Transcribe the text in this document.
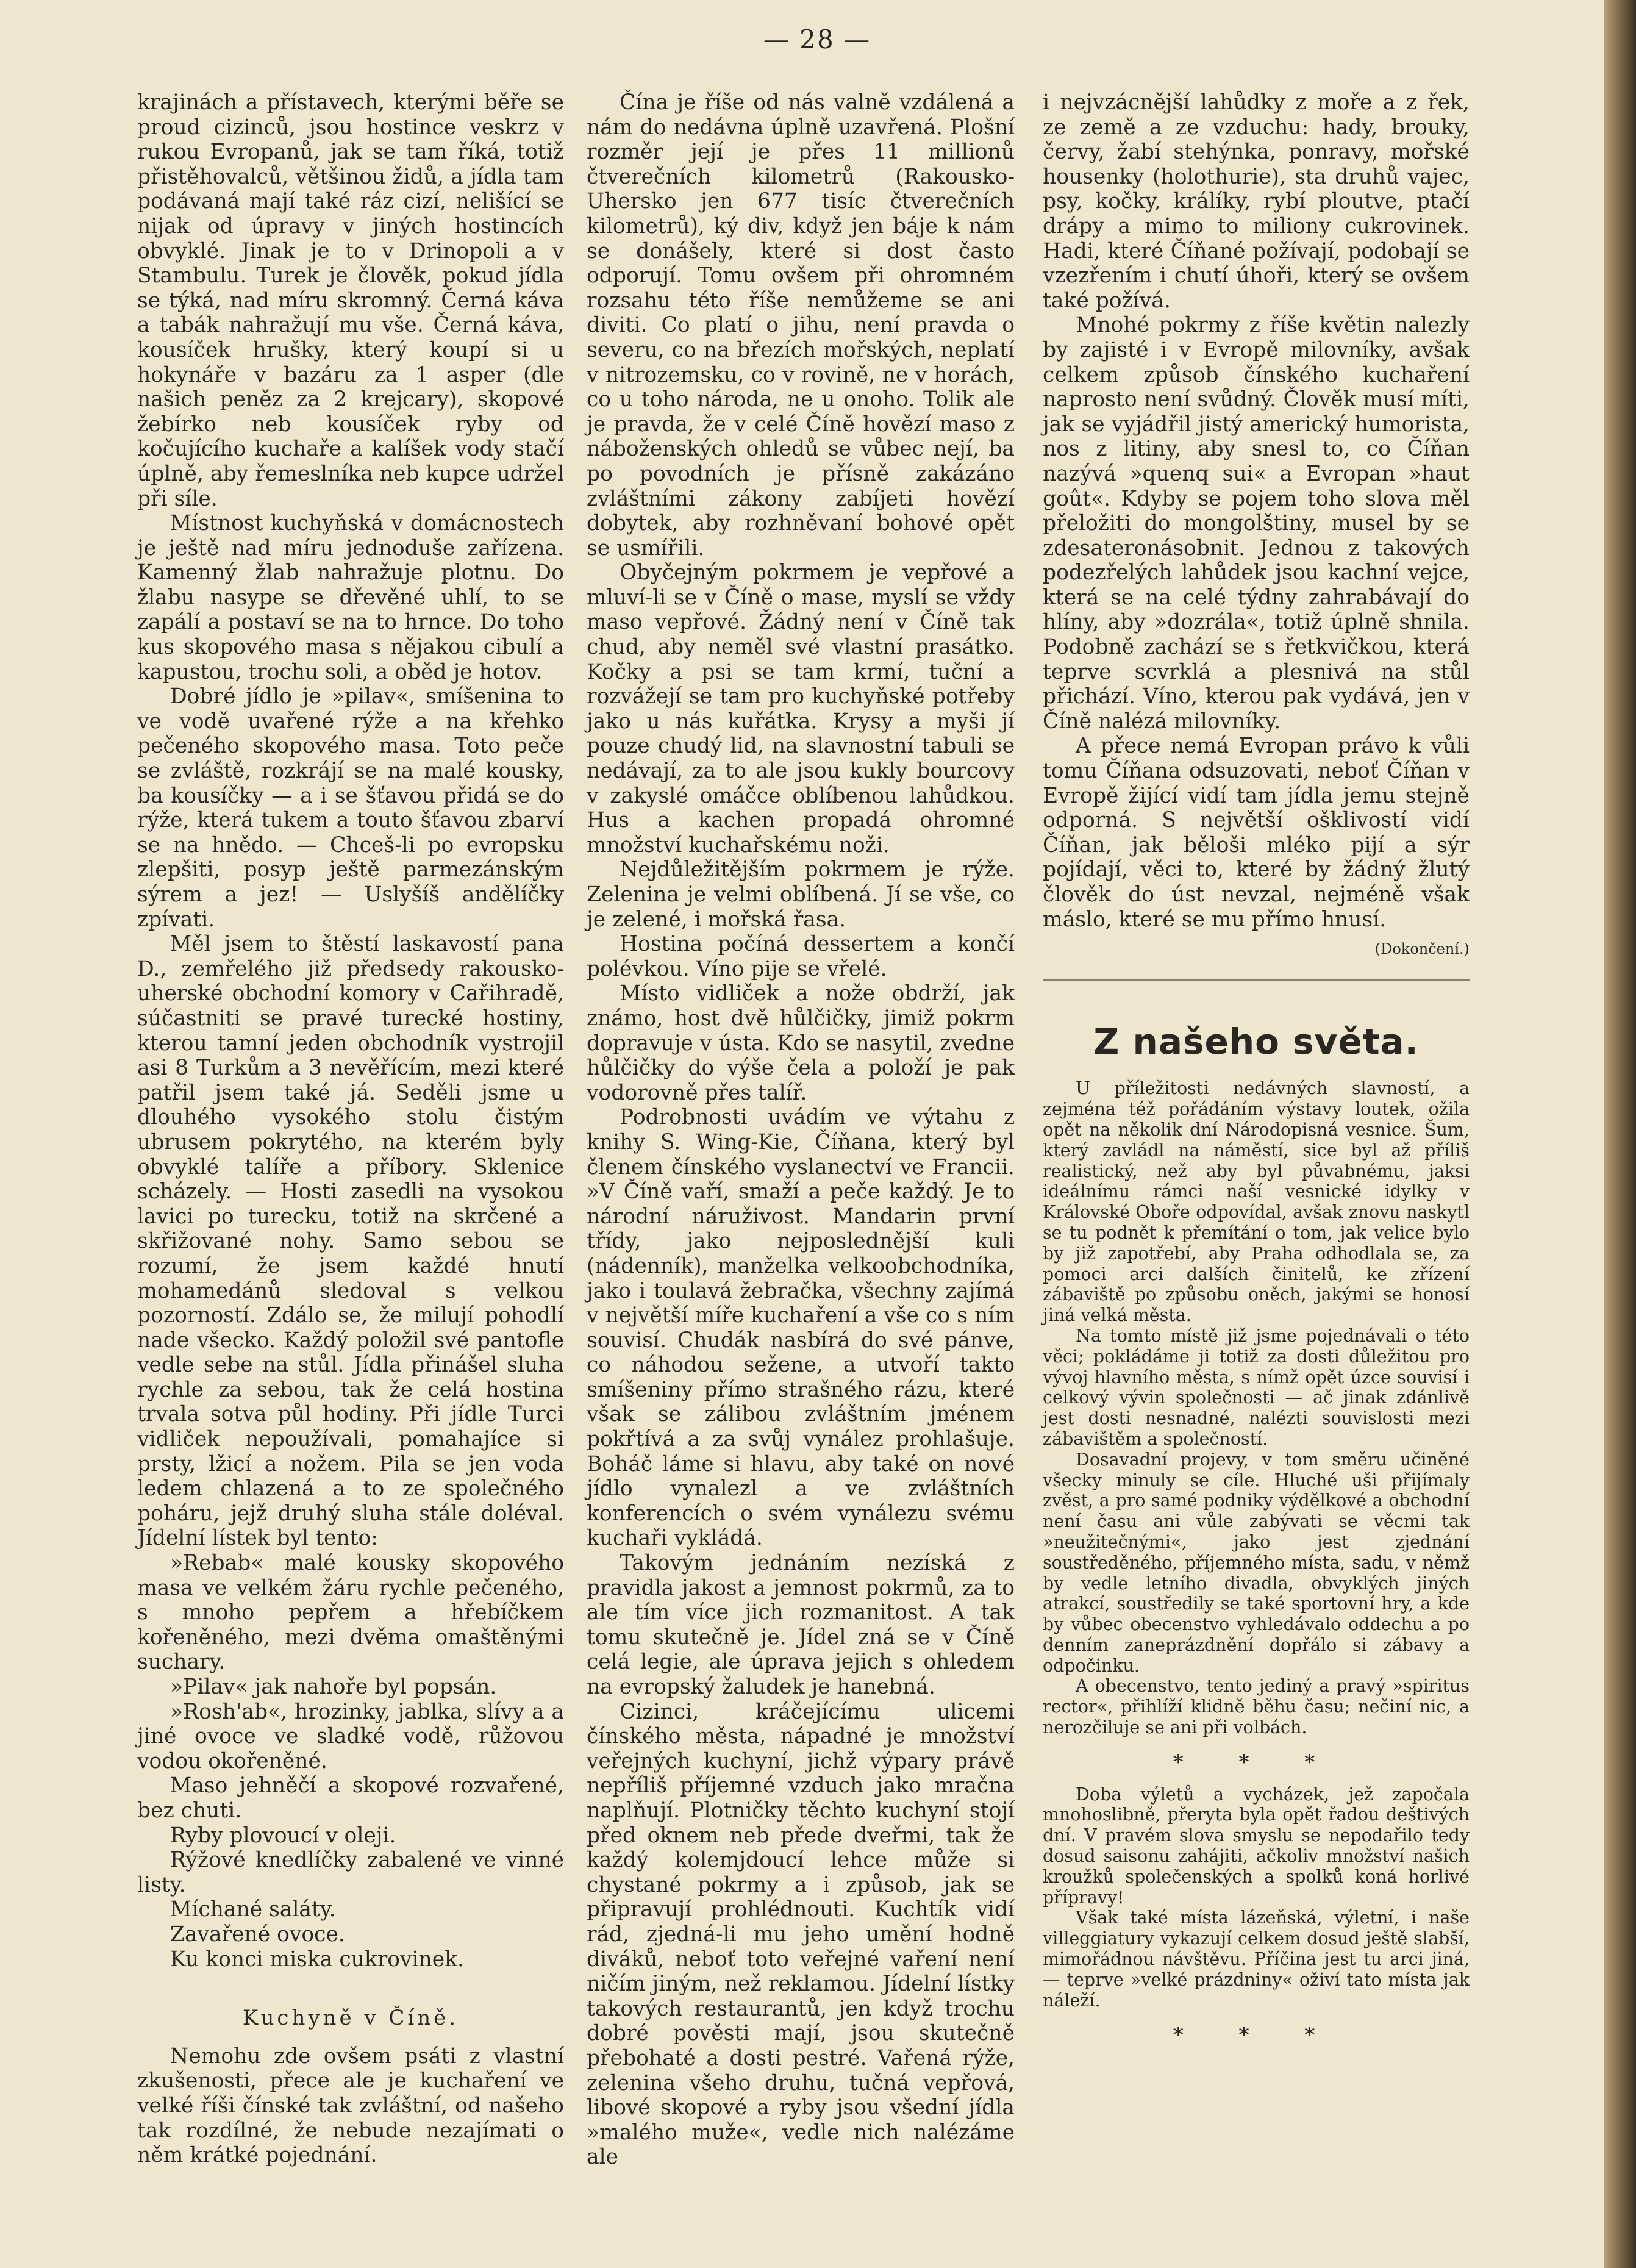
— 28 —

krajinách a přístavech, kterými běře se proud cizinců, jsou hostince veskrz v rukou Evropanů, jak se tam říká, totiž přistěhovalců, většinou židů, a jídla tam podávaná mají také ráz cizí, nelišící se nijak od úpravy v jiných hostincích obvyklé. Jinak je to v Drinopoli a v Stambulu. Turek je člověk, pokud jídla se týká, nad míru skromný. Černá káva a tabák nahražují mu vše. Černá káva, kousíček hrušky, který koupí si u hokynáře v bazáru za 1 asper (dle našich peněz za 2 krejcary), skopové žebírko neb kousíček ryby od kočujícího kuchaře a kalíšek vody stačí úplně, aby řemeslníka neb kupce udržel při síle.

Místnost kuchyňská v domácnostech je ještě nad míru jednoduše zařízena. Kamenný žlab nahražuje plotnu. Do žlabu nasype se dřevěné uhlí, to se zapálí a postaví se na to hrnce. Do toho kus skopového masa s nějakou cibulí a kapustou, trochu soli, a oběd je hotov.

Dobré jídlo je »pilav«, smíšenina to ve vodě uvařené rýže a na křehko pečeného skopového masa. Toto peče se zvláště, rozkrájí se na malé kousky, ba kousíčky — a i se šťavou přidá se do rýže, která tukem a touto šťavou zbarví se na hnědo. — Chceš-li po evropsku zlepšiti, posyp ještě parmezánským sýrem a jez! — Uslyšíš andělíčky zpívati.

Měl jsem to štěstí laskavostí pana D., zemřelého již předsedy rakousko-uherské obchodní komory v Cařihradě, súčastniti se pravé turecké hostiny, kterou tamní jeden obchodník vystrojil asi 8 Turkům a 3 nevěřícím, mezi které patřil jsem také já. Seděli jsme u dlouhého vysokého stolu čistým ubrusem pokrytého, na kterém byly obvyklé talíře a příbory. Sklenice scházely. — Hosti zasedli na vysokou lavici po turecku, totiž na skrčené a skřižované nohy. Samo sebou se rozumí, že jsem každé hnutí mohamedánů sledoval s velkou pozorností. Zdálo se, že milují pohodlí nade všecko. Každý položil své pantofle vedle sebe na stůl. Jídla přinášel sluha rychle za sebou, tak že celá hostina trvala sotva půl hodiny. Při jídle Turci vidliček nepoužívali, pomahajíce si prsty, lžicí a nožem. Pila se jen voda ledem chlazená a to ze společného poháru, jejž druhý sluha stále doléval. Jídelní lístek byl tento:

»Rebab« malé kousky skopového masa ve velkém žáru rychle pečeného, s mnoho pepřem a hřebíčkem kořeněného, mezi dvěma omaštěnými suchary.

»Pilav« jak nahoře byl popsán.

»Rosh'ab«, hrozinky, jablka, slívy a a jiné ovoce ve sladké vodě, růžovou vodou okořeněné.

Maso jehněčí a skopové rozvařené, bez chuti.

Ryby plovoucí v oleji.

Rýžové knedlíčky zabalené ve vinné listy.

Míchané saláty.

Zavařené ovoce.

Ku konci miska cukrovinek.

Kuchyně v Číně.

Nemohu zde ovšem psáti z vlastní zkušenosti, přece ale je kuchaření ve velké říši čínské tak zvláštní, od našeho tak rozdílné, že nebude nezajímati o něm krátké pojednání.

Čína je říše od nás valně vzdálená a nám do nedávna úplně uzavřená. Plošní rozměr její je přes 11 millionů čtverečních kilometrů (Rakousko-Uhersko jen 677 tisíc čtverečních kilometrů), ký div, když jen báje k nám se donášely, které si dost často odporují. Tomu ovšem při ohromném rozsahu této říše nemůžeme se ani diviti. Co platí o jihu, není pravda o severu, co na březích mořských, neplatí v nitrozemsku, co v rovině, ne v horách, co u toho národa, ne u onoho. Tolik ale je pravda, že v celé Číně hovězí maso z náboženských ohledů se vůbec nejí, ba po povodních je přísně zakázáno zvláštními zákony zabíjeti hovězí dobytek, aby rozhněvaní bohové opět se usmířili.

Obyčejným pokrmem je vepřové a mluví-li se v Číně o mase, myslí se vždy maso vepřové. Žádný není v Číně tak chud, aby neměl své vlastní prasátko. Kočky a psi se tam krmí, tuční a rozvážejí se tam pro kuchyňské potřeby jako u nás kuřátka. Krysy a myši jí pouze chudý lid, na slavnostní tabuli se nedávají, za to ale jsou kukly bourcovy v zakyslé omáčce oblíbenou lahůdkou. Hus a kachen propadá ohromné množství kuchařskému noži.

Nejdůležitějším pokrmem je rýže. Zelenina je velmi oblíbená. Jí se vše, co je zelené, i mořská řasa.

Hostina počíná dessertem a končí polévkou. Víno pije se vřelé.

Místo vidliček a nože obdrží, jak známo, host dvě hůlčičky, jimiž pokrm dopravuje v ústa. Kdo se nasytil, zvedne hůlčičky do výše čela a položí je pak vodorovně přes talíř.

Podrobnosti uvádím ve výtahu z knihy S. Wing-Kie, Číňana, který byl členem čínského vyslanectví ve Francii. »V Číně vaří, smaží a peče každý. Je to národní náruživost. Mandarin první třídy, jako nejposlednější kuli (nádenník), manželka velkoobchodníka, jako i toulavá žebračka, všechny zajímá v největší míře kuchaření a vše co s ním souvisí. Chudák nasbírá do své pánve, co náhodou sežene, a utvoří takto smíšeniny přímo strašného rázu, které však se zálibou zvláštním jménem pokřtívá a za svůj vynález prohlašuje. Boháč láme si hlavu, aby také on nové jídlo vynalezl a ve zvláštních konferencích o svém vynálezu svému kuchaři vykládá.

Takovým jednáním nezíská z pravidla jakost a jemnost pokrmů, za to ale tím více jich rozmanitost. A tak tomu skutečně je. Jídel zná se v Číně celá legie, ale úprava jejich s ohledem na evropský žaludek je hanebná.

Cizinci, kráčejícímu ulicemi čínského města, nápadné je množství veřejných kuchyní, jichž výpary právě nepříliš příjemné vzduch jako mračna naplňují. Plotničky těchto kuchyní stojí před oknem neb přede dveřmi, tak že každý kolemjdoucí lehce může si chystané pokrmy a i způsob, jak se připravují prohlédnouti. Kuchtík vidí rád, zjedná-li mu jeho umění hodně diváků, neboť toto veřejné vaření není ničím jiným, než reklamou. Jídelní lístky takových restaurantů, jen když trochu dobré pověsti mají, jsou skutečně přebohaté a dosti pestré. Vařená rýže, zelenina všeho druhu, tučná vepřová, libové skopové a ryby jsou všední jídla »malého muže«, vedle nich nalézáme ale

i nejvzácnější lahůdky z moře a z řek, ze země a ze vzduchu: hady, brouky, červy, žabí stehýnka, ponravy, mořské housenky (holothurie), sta druhů vajec, psy, kočky, králíky, rybí ploutve, ptačí drápy a mimo to miliony cukrovinek. Hadi, které Číňané požívají, podobají se vzezřením i chutí úhoři, který se ovšem také požívá.

Mnohé pokrmy z říše květin nalezly by zajisté i v Evropě milovníky, avšak celkem způsob čínského kuchaření naprosto není svůdný. Člověk musí míti, jak se vyjádřil jistý americký humorista, nos z litiny, aby snesl to, co Číňan nazývá »quenq sui« a Evropan »haut goût«. Kdyby se pojem toho slova měl přeložiti do mongolštiny, musel by se zdesateronásobnit. Jednou z takových podezřelých lahůdek jsou kachní vejce, která se na celé týdny zahrabávají do hlíny, aby »dozrála«, totiž úplně shnila. Podobně zachází se s řetkvičkou, která teprve scvrklá a plesnivá na stůl přichází. Víno, kterou pak vydává, jen v Číně nalézá milovníky.

A přece nemá Evropan právo k vůli tomu Číňana odsuzovati, neboť Číňan v Evropě žijící vidí tam jídla jemu stejně odporná. S největší ošklivostí vidí Číňan, jak běloši mléko pijí a sýr pojídají, věci to, které by žádný žlutý člověk do úst nevzal, nejméně však máslo, které se mu přímo hnusí.

(Dokončení.)
Z našeho světa.

U příležitosti nedávných slavností, a zejména též pořádáním výstavy loutek, ožila opět na několik dní Národopisná vesnice. Šum, který zavládl na náměstí, sice byl až příliš realistický, než aby byl půvabnému, jaksi ideálnímu rámci naší vesnické idylky v Královské Oboře odpovídal, avšak znovu naskytl se tu podnět k přemítání o tom, jak velice bylo by již zapotřebí, aby Praha odhodlala se, za pomoci arci dalších činitelů, ke zřízení zábaviště po způsobu oněch, jakými se honosí jiná velká města.

Na tomto místě již jsme pojednávali o této věci; pokládáme ji totiž za dosti důležitou pro vývoj hlavního města, s nímž opět úzce souvisí i celkový vývin společnosti — ač jinak zdánlivě jest dosti nesnadné, nalézti souvislosti mezi zábavištěm a společností.

Dosavadní projevy, v tom směru učiněné všecky minuly se cíle. Hluché uši přijímaly zvěst, a pro samé podniky výdělkové a obchodní není času ani vůle zabývati se věcmi tak »neužitečnými«, jako jest zjednání soustředěného, příjemného místa, sadu, v němž by vedle letního divadla, obvyklých jiných atrakcí, soustředily se také sportovní hry, a kde by vůbec obecenstvo vyhledávalo oddechu a po denním zaneprázdnění dopřálo si zábavy a odpočinku.

A obecenstvo, tento jediný a pravý »spiritus rector«, přihlíží klidně běhu času; nečiní nic, a nerozčiluje se ani při volbách.

* * *

Doba výletů a vycházek, jež započala mnohoslibně, přeryta byla opět řadou deštivých dní. V pravém slova smyslu se nepodařilo tedy dosud saisonu zahájiti, ačkoliv množství našich kroužků společenských a spolků koná horlivé přípravy!

Však také místa lázeňská, výletní, i naše villeggiatury vykazují celkem dosud ještě slabší, mimořádnou návštěvu. Příčina jest tu arci jiná, — teprve »velké prázdniny« oživí tato místa jak náleží.

* * *
